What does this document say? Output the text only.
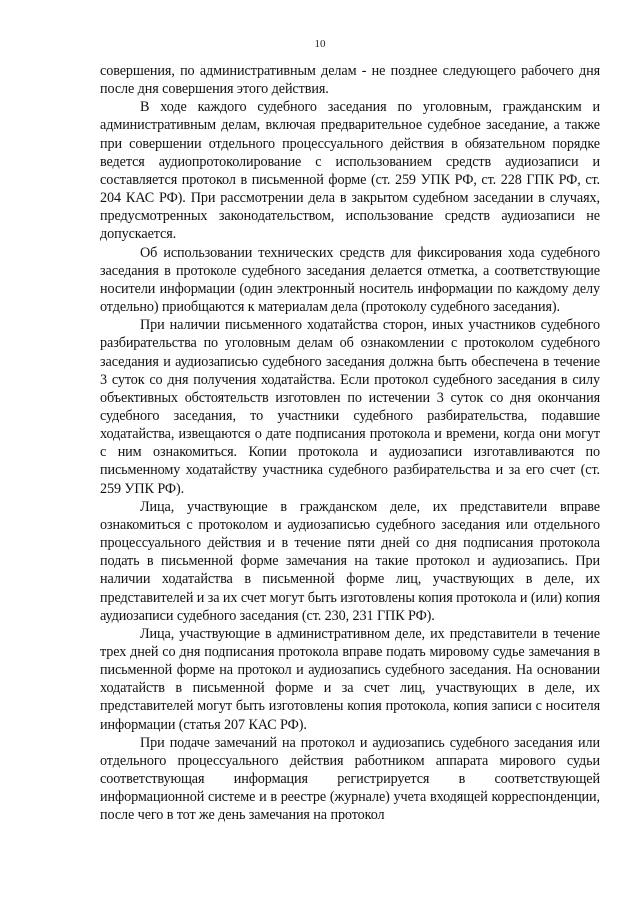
10

совершения, по административным делам - не позднее следующего рабочего дня после дня совершения этого действия.

В ходе каждого судебного заседания по уголовным, гражданским и административным делам, включая предварительное судебное заседание, а также при совершении отдельного процессуального действия в обязательном порядке ведется аудиопротоколирование с использованием средств аудиозаписи и составляется протокол в письменной форме (ст. 259 УПК РФ, ст. 228 ГПК РФ, ст. 204 КАС РФ). При рассмотрении дела в закрытом судебном заседании в случаях, предусмотренных законодательством, использование средств аудиозаписи не допускается.

Об использовании технических средств для фиксирования хода судебного заседания в протоколе судебного заседания делается отметка, а соответствующие носители информации (один электронный носитель информации по каждому делу отдельно) приобщаются к материалам дела (протоколу судебного заседания).

При наличии письменного ходатайства сторон, иных участников судебного разбирательства по уголовным делам об ознакомлении с протоколом судебного заседания и аудиозаписью судебного заседания должна быть обеспечена в течение 3 суток со дня получения ходатайства. Если протокол судебного заседания в силу объективных обстоятельств изготовлен по истечении 3 суток со дня окончания судебного заседания, то участники судебного разбирательства, подавшие ходатайства, извещаются о дате подписания протокола и времени, когда они могут с ним ознакомиться. Копии протокола и аудиозаписи изготавливаются по письменному ходатайству участника судебного разбирательства и за его счет (ст. 259 УПК РФ).

Лица, участвующие в гражданском деле, их представители вправе ознакомиться с протоколом и аудиозаписью судебного заседания или отдельного процессуального действия и в течение пяти дней со дня подписания протокола подать в письменной форме замечания на такие протокол и аудиозапись. При наличии ходатайства в письменной форме лиц, участвующих в деле, их представителей и за их счет могут быть изготовлены копия протокола и (или) копия аудиозаписи судебного заседания (ст. 230, 231 ГПК РФ).

Лица, участвующие в административном деле, их представители в течение трех дней со дня подписания протокола вправе подать мировому судье замечания в письменной форме на протокол и аудиозапись судебного заседания. На основании ходатайств в письменной форме и за счет лиц, участвующих в деле, их представителей могут быть изготовлены копия протокола, копия записи с носителя информации (статья 207 КАС РФ).

При подаче замечаний на протокол и аудиозапись судебного заседания или отдельного процессуального действия работником аппарата мирового судьи соответствующая информация регистрируется в соответствующей информационной системе и в реестре (журнале) учета входящей корреспонденции, после чего в тот же день замечания на протокол
